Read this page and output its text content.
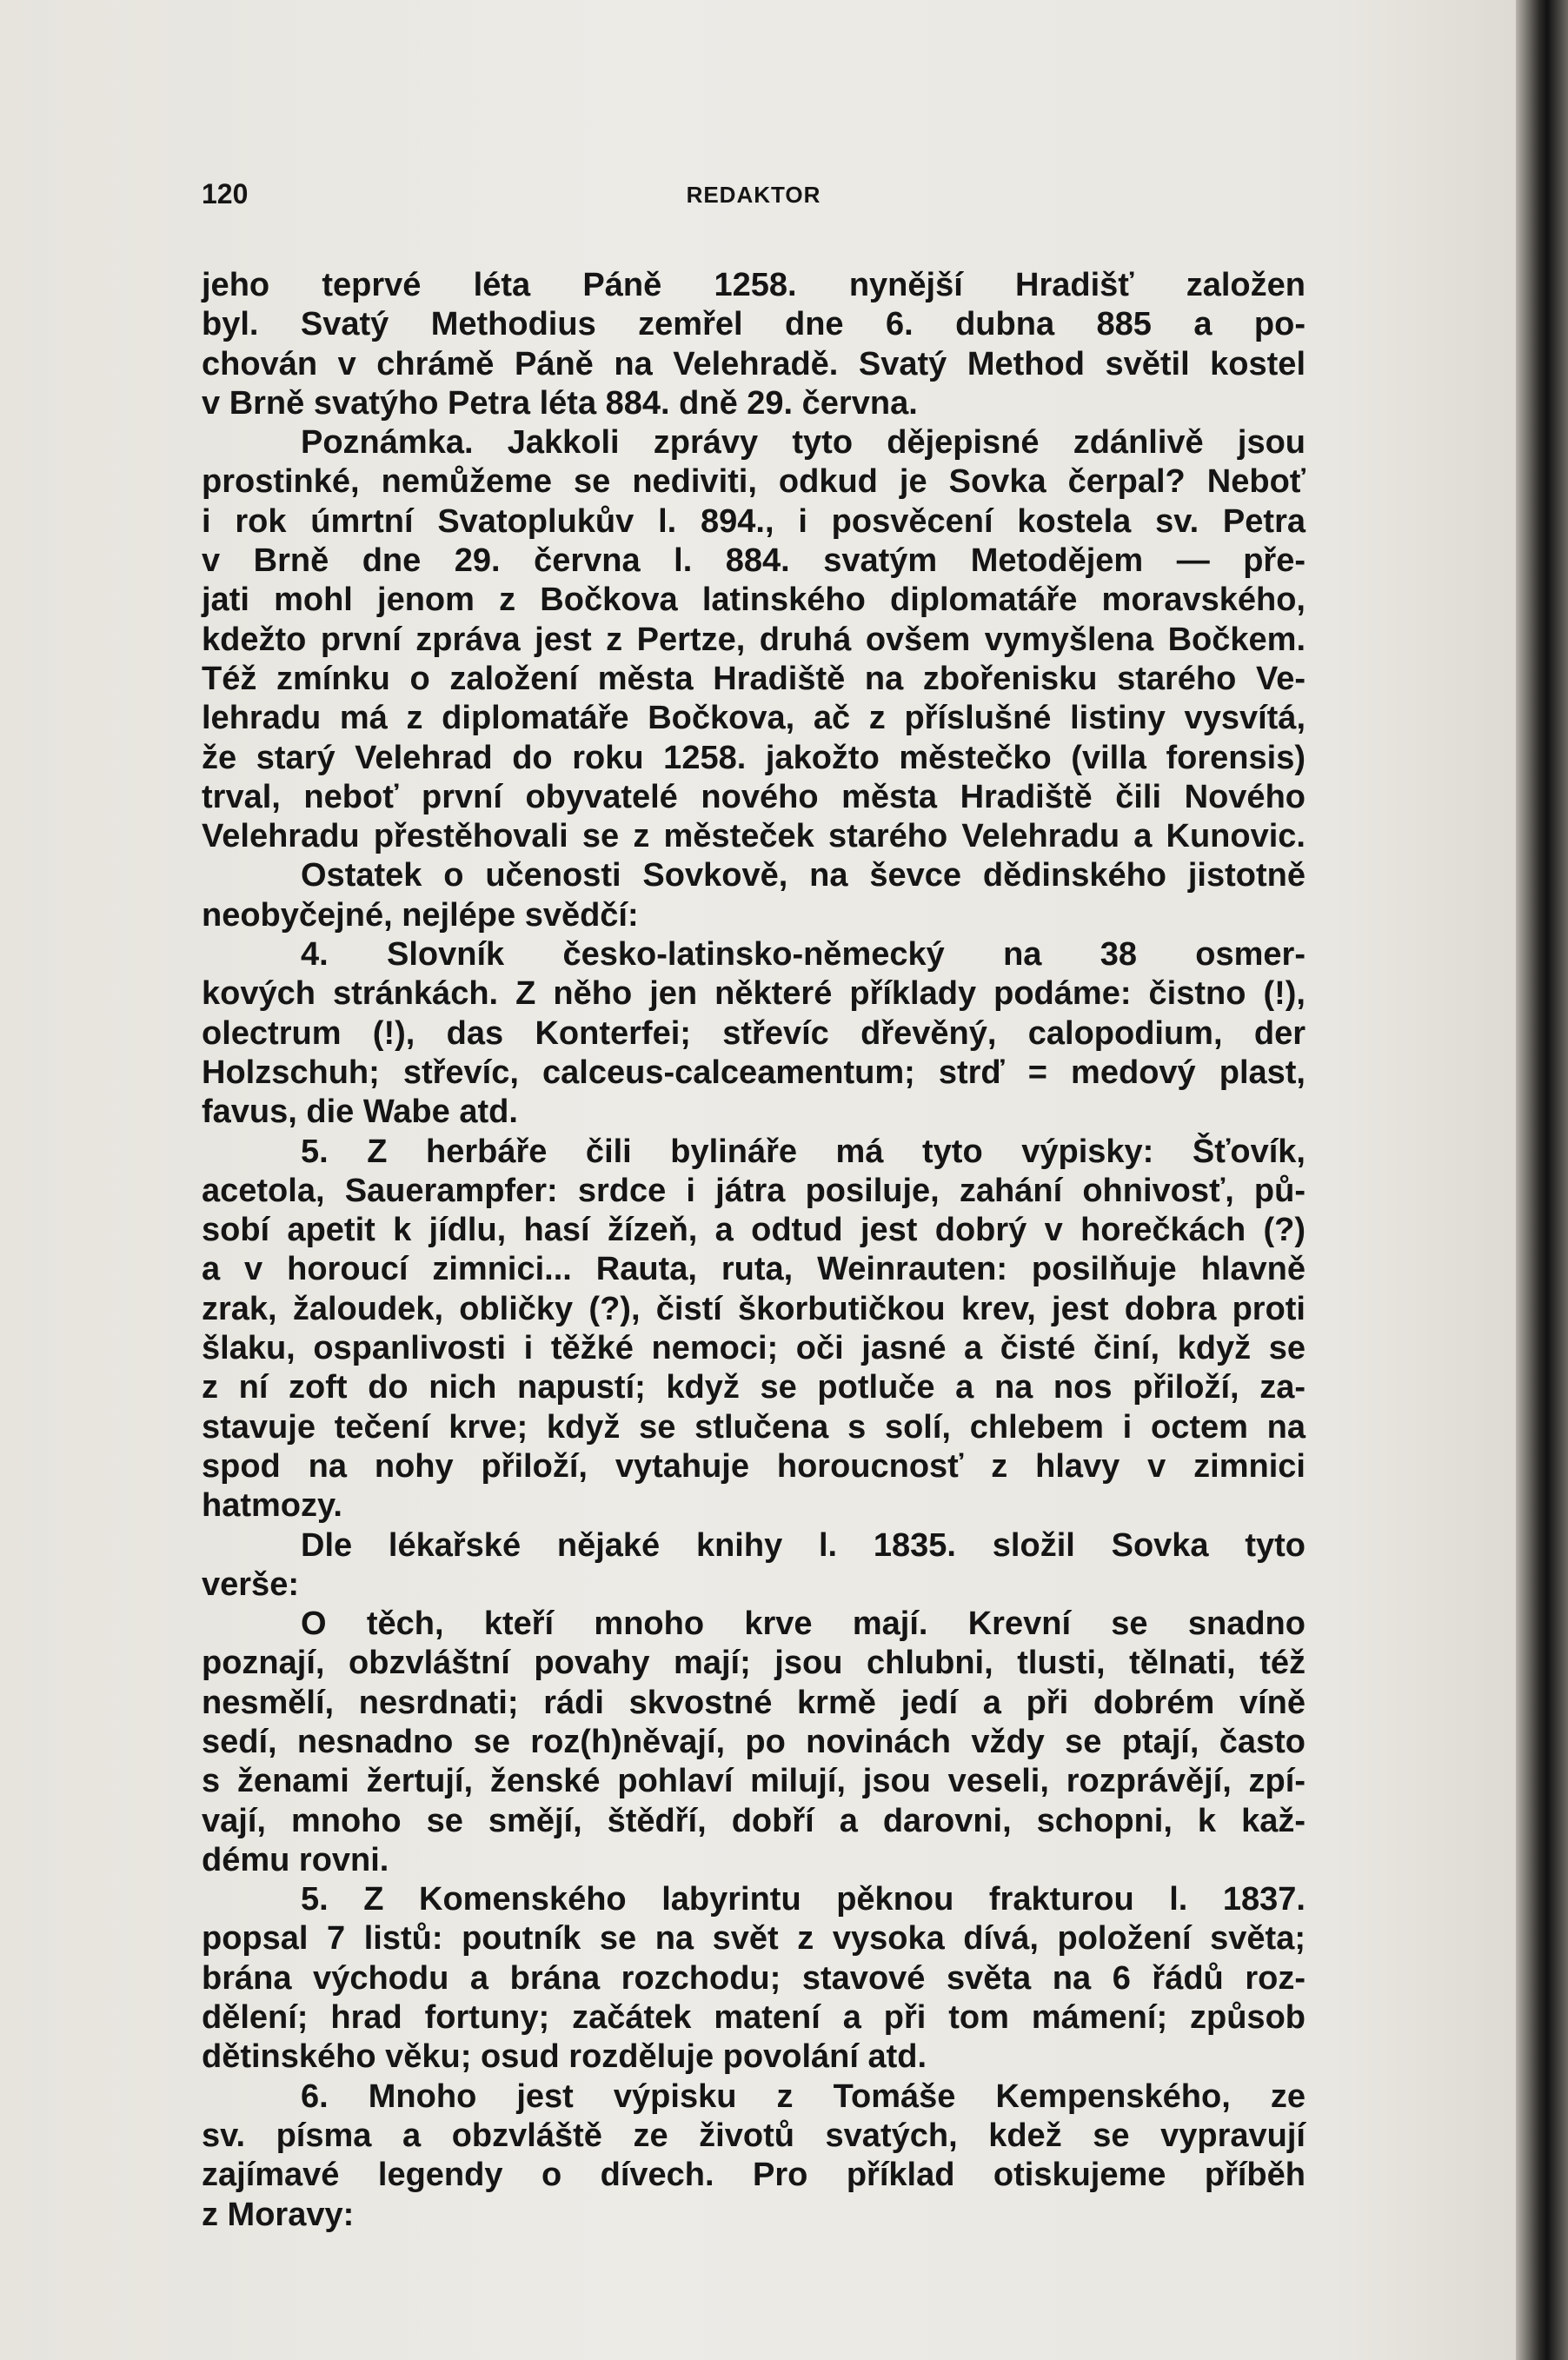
120	REDAKTOR
jeho teprvé léta Páně 1258. nynější Hradišť založen
byl. Svatý Methodius zemřel dne 6. dubna 885 a po-
chován v chrámě Páně na Velehradě. Svatý Method světil kostel
v Brně svatýho Petra léta 884. dně 29. června.
Poznámka. Jakkoli zprávy tyto dějepisné zdánlivě jsou
prostinké, nemůžeme se nediviti, odkud je Sovka čerpal? Neboť
i rok úmrtní Svatoplukův l. 894., i posvěcení kostela sv. Petra
v Brně dne 29. června l. 884. svatým Metodějem — pře-
jati mohl jenom z Bočkova latinského diplomatáře moravského,
kdežto první zpráva jest z Pertze, druhá ovšem vymyšlena Bočkem.
Též zmínku o založení města Hradiště na zbořenisku starého Ve-
lehradu má z diplomatáře Bočkova, ač z příslušné listiny vysvítá,
že starý Velehrad do roku 1258. jakožto městečko (villa forensis)
trval, neboť první obyvatelé nového města Hradiště čili Nového
Velehradu přestěhovali se z městeček starého Velehradu a Kunovic.
Ostatek o učenosti Sovkově, na ševce dědinského jistotně
neobyčejné, nejlépe svědčí:
4. Slovník česko-latinsko-německý na 38 osmer-
kových stránkách. Z něho jen některé příklady podáme: čistno (!),
olectrum (!), das Konterfei; střevíc dřevěný, calopodium, der
Holzschuh; střevíc, calceus-calceamentum; strď = medový plast,
favus, die Wabe atd.
5. Z herbáře čili bylináře má tyto výpisky: Šťovík,
acetola, Sauerampfer: srdce i játra posiluje, zahání ohnivosť, pů-
sobí apetit k jídlu, hasí žízeň, a odtud jest dobrý v horečkách (?)
a v horoucí zimnici... Rauta, ruta, Weinrauten: posilňuje hlavně
zrak, žaloudek, obličky (?), čistí škorbutičkou krev, jest dobra proti
šlaku, ospanlivosti i těžké nemoci; oči jasné a čisté činí, když se
z ní zoft do nich napustí; když se potluče a na nos přiloží, za-
stavuje tečení krve; když se stlučena s solí, chlebem i octem na
spod na nohy přiloží, vytahuje horoucnosť z hlavy v zimnici
hatmozy.
Dle lékařské nějaké knihy l. 1835. složil Sovka tyto
verše:
O těch, kteří mnoho krve mají. Krevní se snadno
poznají, obzvláštní povahy mají; jsou chlubni, tlusti, tělnati, též
nesmělí, nesrdnati; rádi skvostné krmě jedí a při dobrém víně
sedí, nesnadno se roz(h)něvají, po novinách vždy se ptají, často
s ženami žertují, ženské pohlaví milují, jsou veseli, rozprávějí, zpí-
vají, mnoho se smějí, štědří, dobří a darovni, schopni, k kaž-
dému rovni.
5. Z Komenského labyrintu pěknou frakturou l. 1837.
popsal 7 listů: poutník se na svět z vysoka dívá, položení světa;
brána východu a brána rozchodu; stavové světa na 6 řádů roz-
dělení; hrad fortuny; začátek matení a při tom mámení; způsob
dětinského věku; osud rozděluje povolání atd.
6. Mnoho jest výpisku z Tomáše Kempenského, ze
sv. písma a obzvláště ze životů svatých, kdež se vypravují
zajímavé legendy o dívech. Pro příklad otiskujeme příběh
z Moravy:
